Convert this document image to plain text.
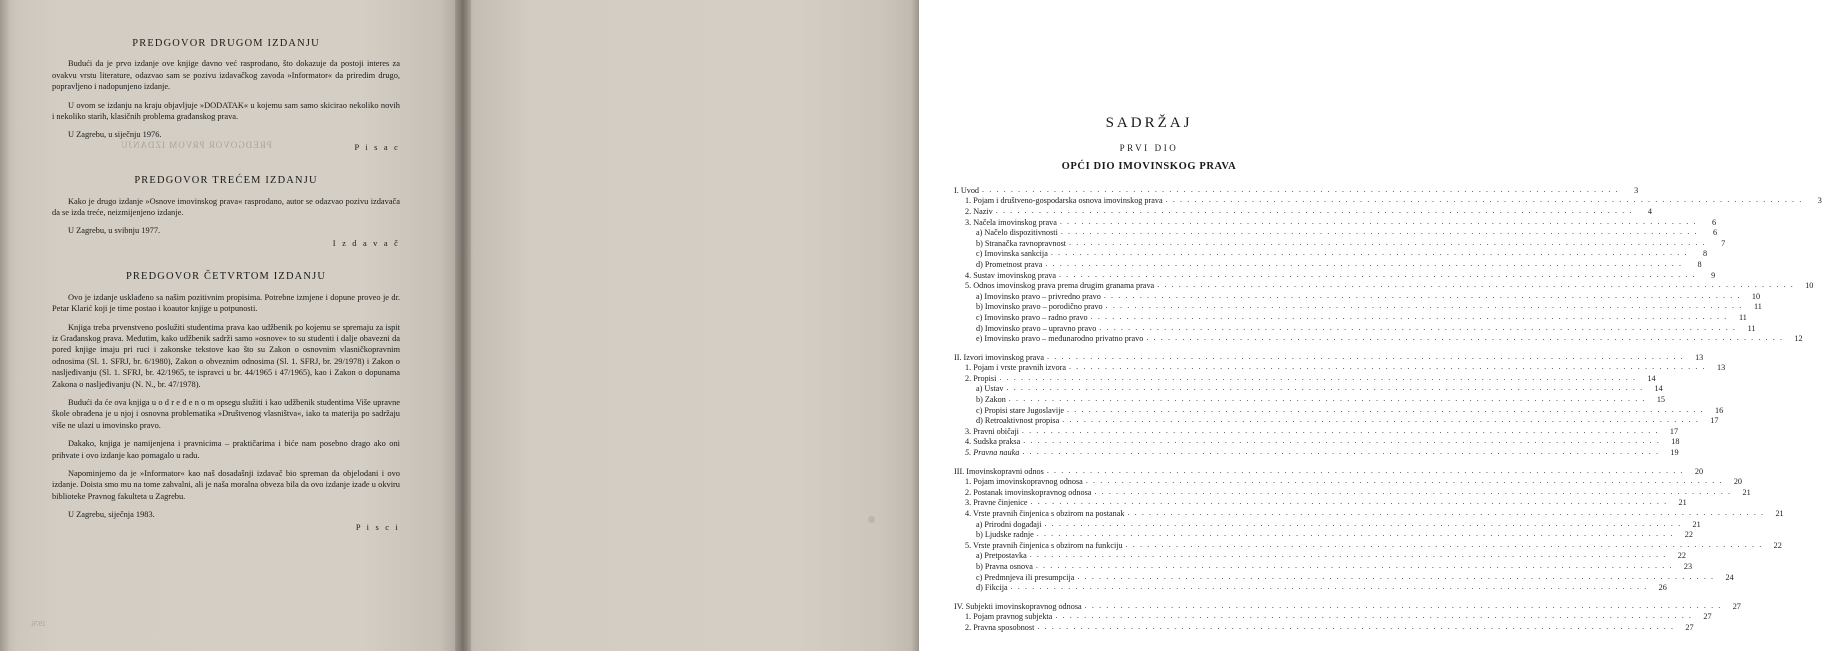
PREDGOVOR PRVOM IZDANJU
1976.
PREDGOVOR DRUGOM IZDANJU

Budući da je prvo izdanje ove knjige davno već rasprodano, što dokazuje da postoji interes za ovakvu vrstu literature, odazvao sam se pozivu izdavačkog zavoda »Informator« da priredim drugo, popravljeno i nadopunjeno izdanje.

U ovom se izdanju na kraju objavljuje »DODATAK« u kojemu sam samo skicirao nekoliko novih i nekoliko starih, klasičnih problema građanskog prava.

U Zagrebu, u siječnju 1976.

P i s a c
PREDGOVOR TREĆEM IZDANJU

Kako je drugo izdanje »Osnove imovinskog prava« rasprodano, autor se odazvao pozivu izdavača da se izda treće, neizmijenjeno izdanje.

U Zagrebu, u svibnju 1977.

I z d a v a č
PREDGOVOR ČETVRTOM IZDANJU

Ovo je izdanje usklađeno sa našim pozitivnim propisima. Potrebne izmjene i dopune proveo je dr. Petar Klarić koji je time postao i koautor knjige u potpunosti.

Knjiga treba prvenstveno poslužiti studentima prava kao udžbenik po kojemu se spremaju za ispit iz Građanskog prava. Međutim, kako udžbenik sadrži samo »osnove« to su studenti i dalje obavezni da pored knjige imaju pri ruci i zakonske tekstove kao što su Zakon o osnovnim vlasničkopravnim odnosima (Sl. 1. SFRJ, br. 6/1980), Zakon o obveznim odnosima (Sl. 1. SFRJ, br. 29/1978) i Zakon o nasljeđivanju (Sl. 1. SFRJ, br. 42/1965, te ispravci u br. 44/1965 i 47/1965), kao i Zakon o dopunama Zakona o nasljeđivanju (N. N., br. 47/1978).

Budući da će ova knjiga u o d r e đ e n o m opsegu služiti i kao udžbenik studentima Više upravne škole obrađena je u njoj i osnovna problematika »Društvenog vlasništva«, iako ta materija po sadržaju više ne ulazi u imovinsko pravo.

Dakako, knjiga je namijenjena i pravnicima – praktičarima i biće nam posebno drago ako oni prihvate i ovo izdanje kao pomagalo u radu.

Napominjemo da je »Informator« kao naš dosadašnji izdavač bio spreman da objelodani i ovo izdanje. Doista smo mu na tome zahvalni, ali je naša moralna obveza bila da ovo izdanje izađe u okviru biblioteke Pravnog fakulteta u Zagrebu.

U Zagrebu, siječnja 1983.

P i s c i
SADRŽAJ
PRVI DIO
OPĆI DIO IMOVINSKOG PRAVA
I. Uvod . . . . . . . . . . . . . . . . . . . . . . . . . . . . . . . . . . . . . . . . . . . . . . . . . . . . . . . . . . . . . . . . . . . . . . . . . . . . . . . . . . . . . . . . .	3
1. Pojam i društveno-gospodarska osnova imovinskog prava . . . . . . . . . . . . . . . . . . . . . . . . . . . . . . . . . . . . . . . . . . . . . . . . . . . . . . . . . . . . . . . . . . . . . . . . . . . . . . . . . . . . . . . . .	3
2. Naziv . . . . . . . . . . . . . . . . . . . . . . . . . . . . . . . . . . . . . . . . . . . . . . . . . . . . . . . . . . . . . . . . . . . . . . . . . . . . . . . . . . . . . . . . .	4
3. Načela imovinskog prava . . . . . . . . . . . . . . . . . . . . . . . . . . . . . . . . . . . . . . . . . . . . . . . . . . . . . . . . . . . . . . . . . . . . . . . . . . . . . . . . . . . . . . . . .	6
a) Načelo dispozitivnosti . . . . . . . . . . . . . . . . . . . . . . . . . . . . . . . . . . . . . . . . . . . . . . . . . . . . . . . . . . . . . . . . . . . . . . . . . . . . . . . . . . . . . . . . .	6
b) Stranačka ravnopravnost . . . . . . . . . . . . . . . . . . . . . . . . . . . . . . . . . . . . . . . . . . . . . . . . . . . . . . . . . . . . . . . . . . . . . . . . . . . . . . . . . . . . . . . . .	7
c) Imovinska sankcija . . . . . . . . . . . . . . . . . . . . . . . . . . . . . . . . . . . . . . . . . . . . . . . . . . . . . . . . . . . . . . . . . . . . . . . . . . . . . . . . . . . . . . . . .	8
d) Prometnost prava . . . . . . . . . . . . . . . . . . . . . . . . . . . . . . . . . . . . . . . . . . . . . . . . . . . . . . . . . . . . . . . . . . . . . . . . . . . . . . . . . . . . . . . . .	8
4. Sustav imovinskog prava . . . . . . . . . . . . . . . . . . . . . . . . . . . . . . . . . . . . . . . . . . . . . . . . . . . . . . . . . . . . . . . . . . . . . . . . . . . . . . . . . . . . . . . . .	9
5. Odnos imovinskog prava prema drugim granama prava . . . . . . . . . . . . . . . . . . . . . . . . . . . . . . . . . . . . . . . . . . . . . . . . . . . . . . . . . . . . . . . . . . . . . . . . . . . . . . . . . . . . . . . . .	10
a) Imovinsko pravo – privredno pravo . . . . . . . . . . . . . . . . . . . . . . . . . . . . . . . . . . . . . . . . . . . . . . . . . . . . . . . . . . . . . . . . . . . . . . . . . . . . . . . . . . . . . . . . .	10
b) Imovinsko pravo – porodično pravo . . . . . . . . . . . . . . . . . . . . . . . . . . . . . . . . . . . . . . . . . . . . . . . . . . . . . . . . . . . . . . . . . . . . . . . . . . . . . . . . . . . . . . . . .	11
c) Imovinsko pravo – radno pravo . . . . . . . . . . . . . . . . . . . . . . . . . . . . . . . . . . . . . . . . . . . . . . . . . . . . . . . . . . . . . . . . . . . . . . . . . . . . . . . . . . . . . . . . .	11
d) Imovinsko pravo – upravno pravo . . . . . . . . . . . . . . . . . . . . . . . . . . . . . . . . . . . . . . . . . . . . . . . . . . . . . . . . . . . . . . . . . . . . . . . . . . . . . . . . . . . . . . . . .	11
e) Imovinsko pravo – međunarodno privatno pravo . . . . . . . . . . . . . . . . . . . . . . . . . . . . . . . . . . . . . . . . . . . . . . . . . . . . . . . . . . . . . . . . . . . . . . . . . . . . . . . . . . . . . . . . .	12
II. Izvori imovinskog prava . . . . . . . . . . . . . . . . . . . . . . . . . . . . . . . . . . . . . . . . . . . . . . . . . . . . . . . . . . . . . . . . . . . . . . . . . . . . . . . . . . . . . . . . .	13
1. Pojam i vrste pravnih izvora . . . . . . . . . . . . . . . . . . . . . . . . . . . . . . . . . . . . . . . . . . . . . . . . . . . . . . . . . . . . . . . . . . . . . . . . . . . . . . . . . . . . . . . . .	13
2. Propisi . . . . . . . . . . . . . . . . . . . . . . . . . . . . . . . . . . . . . . . . . . . . . . . . . . . . . . . . . . . . . . . . . . . . . . . . . . . . . . . . . . . . . . . . .	14
a) Ustav . . . . . . . . . . . . . . . . . . . . . . . . . . . . . . . . . . . . . . . . . . . . . . . . . . . . . . . . . . . . . . . . . . . . . . . . . . . . . . . . . . . . . . . . .	14
b) Zakon . . . . . . . . . . . . . . . . . . . . . . . . . . . . . . . . . . . . . . . . . . . . . . . . . . . . . . . . . . . . . . . . . . . . . . . . . . . . . . . . . . . . . . . . .	15
c) Propisi stare Jugoslavije . . . . . . . . . . . . . . . . . . . . . . . . . . . . . . . . . . . . . . . . . . . . . . . . . . . . . . . . . . . . . . . . . . . . . . . . . . . . . . . . . . . . . . . . .	16
d) Retroaktivnost propisa . . . . . . . . . . . . . . . . . . . . . . . . . . . . . . . . . . . . . . . . . . . . . . . . . . . . . . . . . . . . . . . . . . . . . . . . . . . . . . . . . . . . . . . . .	17
3. Pravni običaji . . . . . . . . . . . . . . . . . . . . . . . . . . . . . . . . . . . . . . . . . . . . . . . . . . . . . . . . . . . . . . . . . . . . . . . . . . . . . . . . . . . . . . . . .	17
4. Sudska praksa . . . . . . . . . . . . . . . . . . . . . . . . . . . . . . . . . . . . . . . . . . . . . . . . . . . . . . . . . . . . . . . . . . . . . . . . . . . . . . . . . . . . . . . . .	18
5. Pravna nauka . . . . . . . . . . . . . . . . . . . . . . . . . . . . . . . . . . . . . . . . . . . . . . . . . . . . . . . . . . . . . . . . . . . . . . . . . . . . . . . . . . . . . . . . .	19
III. Imovinskopravni odnos . . . . . . . . . . . . . . . . . . . . . . . . . . . . . . . . . . . . . . . . . . . . . . . . . . . . . . . . . . . . . . . . . . . . . . . . . . . . . . . . . . . . . . . . .	20
1. Pojam imovinskopravnog odnosa . . . . . . . . . . . . . . . . . . . . . . . . . . . . . . . . . . . . . . . . . . . . . . . . . . . . . . . . . . . . . . . . . . . . . . . . . . . . . . . . . . . . . . . . .	20
2. Postanak imovinskopravnog odnosa . . . . . . . . . . . . . . . . . . . . . . . . . . . . . . . . . . . . . . . . . . . . . . . . . . . . . . . . . . . . . . . . . . . . . . . . . . . . . . . . . . . . . . . . .	21
3. Pravne činjenice . . . . . . . . . . . . . . . . . . . . . . . . . . . . . . . . . . . . . . . . . . . . . . . . . . . . . . . . . . . . . . . . . . . . . . . . . . . . . . . . . . . . . . . . .	21
4. Vrste pravnih činjenica s obzirom na postanak . . . . . . . . . . . . . . . . . . . . . . . . . . . . . . . . . . . . . . . . . . . . . . . . . . . . . . . . . . . . . . . . . . . . . . . . . . . . . . . . . . . . . . . . .	21
a) Prirodni događaji . . . . . . . . . . . . . . . . . . . . . . . . . . . . . . . . . . . . . . . . . . . . . . . . . . . . . . . . . . . . . . . . . . . . . . . . . . . . . . . . . . . . . . . . .	21
b) Ljudske radnje . . . . . . . . . . . . . . . . . . . . . . . . . . . . . . . . . . . . . . . . . . . . . . . . . . . . . . . . . . . . . . . . . . . . . . . . . . . . . . . . . . . . . . . . .	22
5. Vrste pravnih činjenica s obzirom na funkciju . . . . . . . . . . . . . . . . . . . . . . . . . . . . . . . . . . . . . . . . . . . . . . . . . . . . . . . . . . . . . . . . . . . . . . . . . . . . . . . . . . . . . . . . .	22
a) Pretpostavka . . . . . . . . . . . . . . . . . . . . . . . . . . . . . . . . . . . . . . . . . . . . . . . . . . . . . . . . . . . . . . . . . . . . . . . . . . . . . . . . . . . . . . . . .	22
b) Pravna osnova . . . . . . . . . . . . . . . . . . . . . . . . . . . . . . . . . . . . . . . . . . . . . . . . . . . . . . . . . . . . . . . . . . . . . . . . . . . . . . . . . . . . . . . . .	23
c) Predmnjeva ili presumpcija . . . . . . . . . . . . . . . . . . . . . . . . . . . . . . . . . . . . . . . . . . . . . . . . . . . . . . . . . . . . . . . . . . . . . . . . . . . . . . . . . . . . . . . . .	24
d) Fikcija . . . . . . . . . . . . . . . . . . . . . . . . . . . . . . . . . . . . . . . . . . . . . . . . . . . . . . . . . . . . . . . . . . . . . . . . . . . . . . . . . . . . . . . . .	26
IV. Subjekti imovinskopravnog odnosa . . . . . . . . . . . . . . . . . . . . . . . . . . . . . . . . . . . . . . . . . . . . . . . . . . . . . . . . . . . . . . . . . . . . . . . . . . . . . . . . . . . . . . . . .	27
1. Pojam pravnog subjekta . . . . . . . . . . . . . . . . . . . . . . . . . . . . . . . . . . . . . . . . . . . . . . . . . . . . . . . . . . . . . . . . . . . . . . . . . . . . . . . . . . . . . . . . .	27
2. Pravna sposobnost . . . . . . . . . . . . . . . . . . . . . . . . . . . . . . . . . . . . . . . . . . . . . . . . . . . . . . . . . . . . . . . . . . . . . . . . . . . . . . . . . . . . . . . . .	27
